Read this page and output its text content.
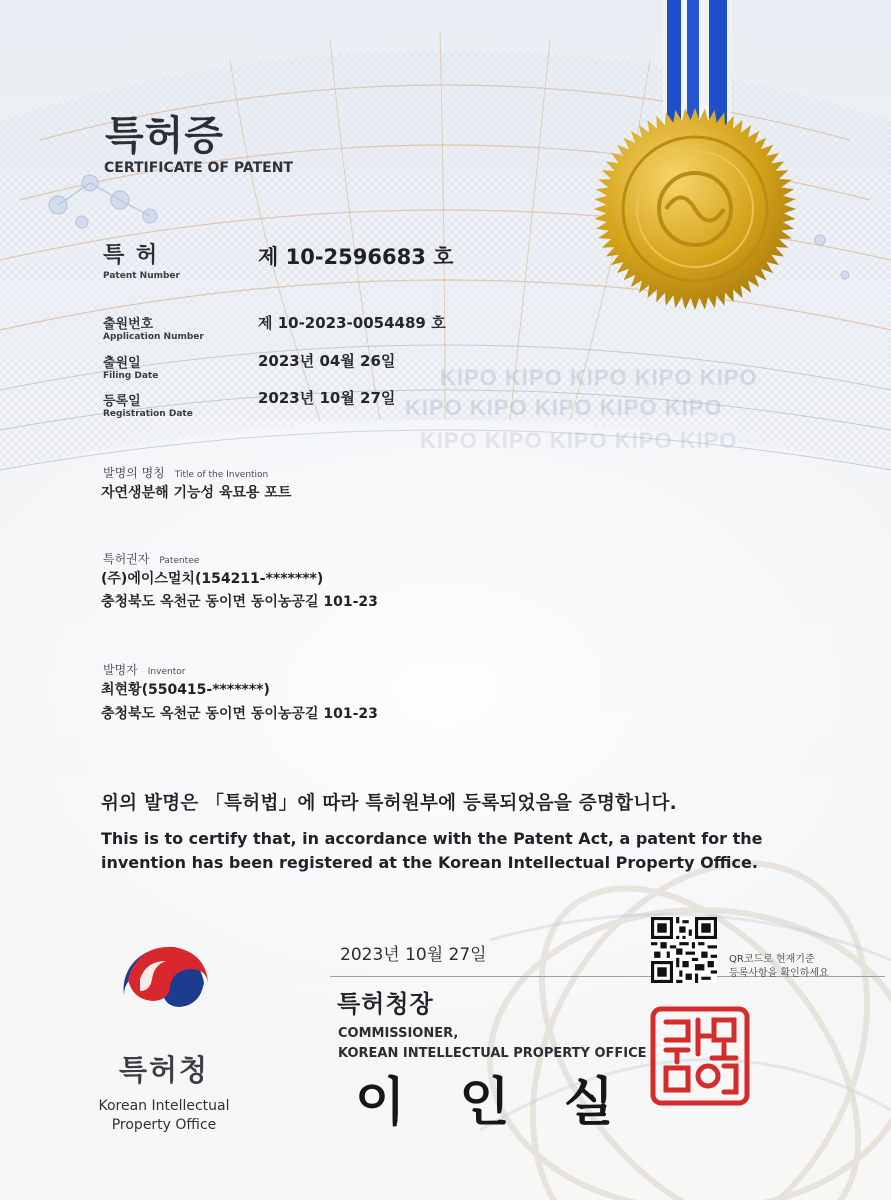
KIPO KIPO KIPO KIPO KIPO
KIPO KIPO KIPO KIPO KIPO
KIPO KIPO KIPO KIPO KIPO
특허증
CERTIFICATE OF PATENT
특 허
Patent Number
제 10-2596683 호
출원번호
Application Number
제 10-2023-0054489 호
출원일
Filing Date
2023년 04월 26일
등록일
Registration Date
2023년 10월 27일
발명의 명칭 Title of the Invention
자연생분해 기능성 육묘용 포트
특허권자 Patentee
(주)에이스멀치(154211-*******)
충청북도 옥천군 동이면 동이농공길 101-23
발명자 Inventor
최현황(550415-*******)
충청북도 옥천군 동이면 동이농공길 101-23
위의 발명은 「특허법」에 따라 특허원부에 등록되었음을 증명합니다.
This is to certify that, in accordance with the Patent Act, a patent for the
invention has been registered at the Korean Intellectual Property Office.
2023년 10월 27일	QR코드로 현재기준
등록사항을 확인하세요
특허청
Korean Intellectual
Property Office
특허청장
COMMISSIONER,
KOREAN INTELLECTUAL PROPERTY OFFICE
이 인 실
